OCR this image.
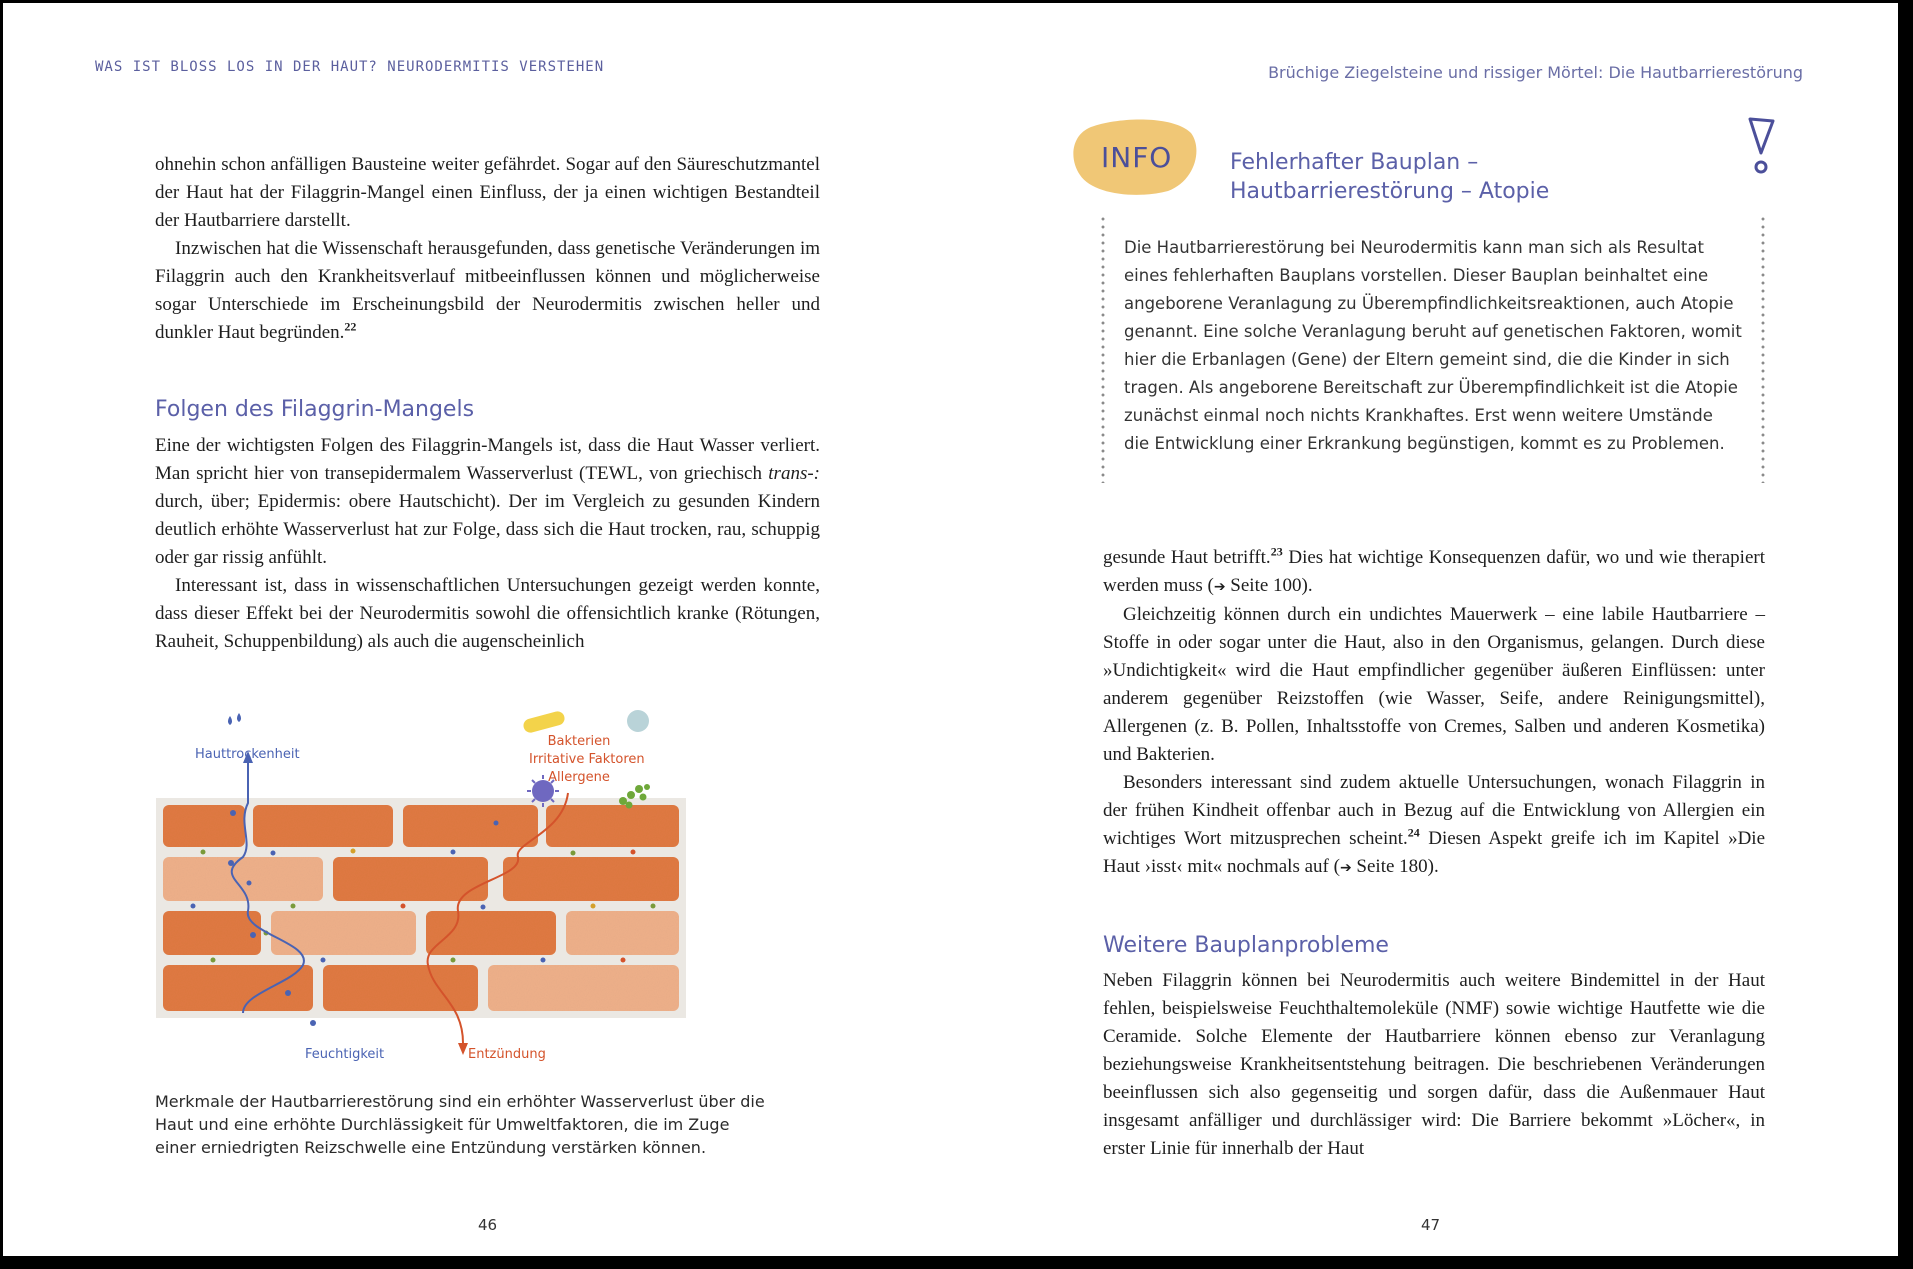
WAS IST BLOSS LOS IN DER HAUT? NEURODERMITIS VERSTEHEN

ohnehin schon anfälligen Bausteine weiter gefährdet. Sogar auf den Säureschutzmantel der Haut hat der Filaggrin-Mangel einen Einfluss, der ja einen wichtigen Bestandteil der Hautbarriere darstellt.

Inzwischen hat die Wissenschaft herausgefunden, dass genetische Veränderungen im Filaggrin auch den Krankheitsverlauf mitbeeinflussen können und möglicherweise sogar Unterschiede im Erscheinungsbild der Neurodermitis zwischen heller und dunkler Haut begründen.$^{22}$

Folgen des Filaggrin-Mangels

Eine der wichtigsten Folgen des Filaggrin-Mangels ist, dass die Haut Wasser verliert. Man spricht hier von transepidermalem Wasserverlust (TEWL, von griechisch trans-: durch, über; Epidermis: obere Hautschicht). Der im Vergleich zu gesunden Kindern deutlich erhöhte Wasserverlust hat zur Folge, dass sich die Haut trocken, rau, schuppig oder gar rissig anfühlt.

Interessant ist, dass in wissenschaftlichen Untersuchungen gezeigt werden konnte, dass dieser Effekt bei der Neurodermitis sowohl die offensichtlich kranke (Rötungen, Rauheit, Schuppenbildung) als auch die augenscheinlich

Hauttrockenheit
Bakterien
Irritative Faktoren
Allergene
Feuchtigkeit	Entzündung
Merkmale der Hautbarrierestörung sind ein erhöhter Wasserverlust über die Haut und eine erhöhte Durchlässigkeit für Umweltfaktoren, die im Zuge einer erniedrigten Reizschwelle eine Entzündung verstärken können.
46
Brüchige Ziegelsteine und rissiger Mörtel: Die Hautbarrierestörung
INFO	Fehlerhafter Bauplan –
Hautbarrierestörung – Atopie

Die Hautbarrierestörung bei Neurodermitis kann man sich als Resultat eines fehlerhaften Bauplans vorstellen. Dieser Bauplan beinhaltet eine angeborene Veranlagung zu Überempfindlichkeitsreaktionen, auch Atopie genannt. Eine solche Veranlagung beruht auf genetischen Faktoren, womit hier die Erbanlagen (Gene) der Eltern gemeint sind, die die Kinder in sich tragen. Als angeborene Bereitschaft zur Überempfindlichkeit ist die Atopie zunächst einmal noch nichts Krankhaftes. Erst wenn weitere Umstände die Entwicklung einer Erkrankung begünstigen, kommt es zu Problemen.

gesunde Haut betrifft.$^{23}$ Dies hat wichtige Konsequenzen dafür, wo und wie therapiert werden muss (➔ Seite 100).

Gleichzeitig können durch ein undichtes Mauerwerk – eine labile Hautbarriere – Stoffe in oder sogar unter die Haut, also in den Organismus, gelangen. Durch diese »Undichtigkeit« wird die Haut empfindlicher gegenüber äußeren Einflüssen: unter anderem gegenüber Reizstoffen (wie Wasser, Seife, andere Reinigungsmittel), Allergenen (z. B. Pollen, Inhaltsstoffe von Cremes, Salben und anderen Kosmetika) und Bakterien.

Besonders interessant sind zudem aktuelle Untersuchungen, wonach Filaggrin in der frühen Kindheit offenbar auch in Bezug auf die Entwicklung von Allergien ein wichtiges Wort mitzusprechen scheint.$^{24}$ Diesen Aspekt greife ich im Kapitel »Die Haut ›isst‹ mit« nochmals auf (➔ Seite 180).

Weitere Bauplanprobleme

Neben Filaggrin können bei Neurodermitis auch weitere Bindemittel in der Haut fehlen, beispielsweise Feuchthaltemoleküle (NMF) sowie wichtige Hautfette wie die Ceramide. Solche Elemente der Hautbarriere können ebenso zur Veranlagung beziehungsweise Krankheitsentstehung beitragen. Die beschriebenen Veränderungen beeinflussen sich also gegenseitig und sorgen dafür, dass die Außenmauer Haut insgesamt anfälliger und durchlässiger wird: Die Barriere bekommt »Löcher«, in erster Linie für innerhalb der Haut

47
